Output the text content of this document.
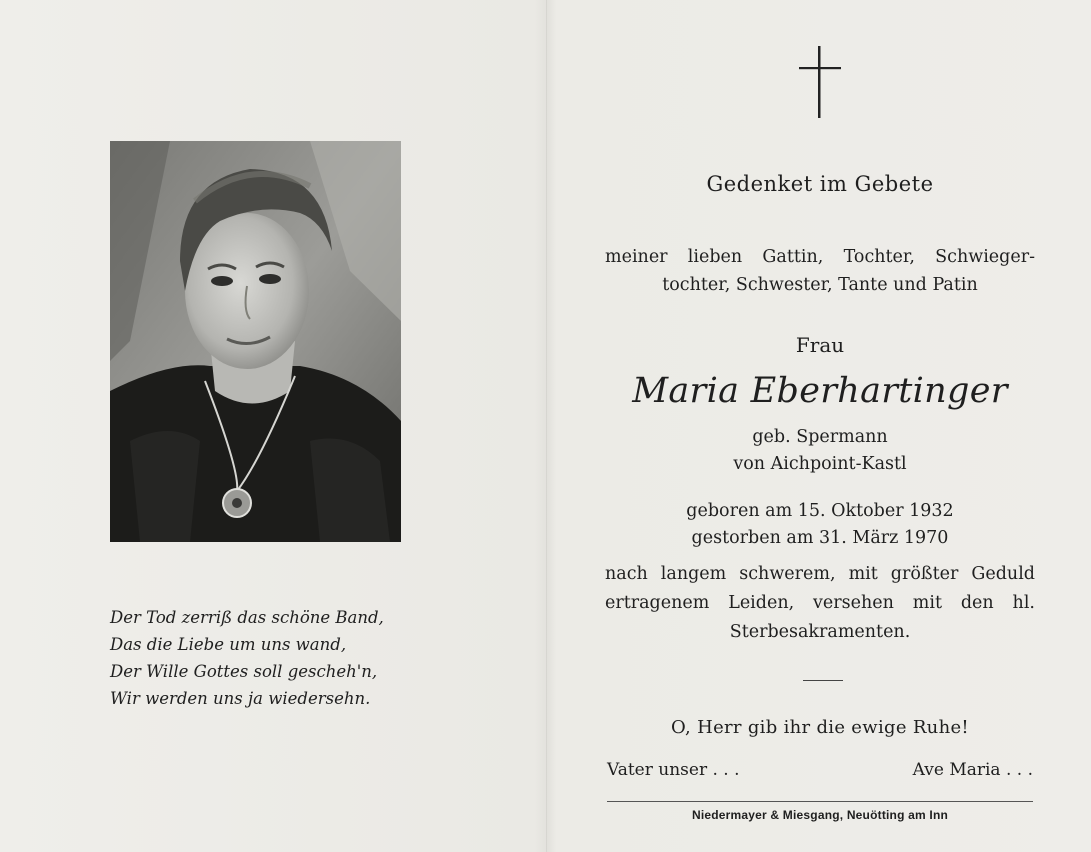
Der Tod zerriß das schöne Band,
Das die Liebe um uns wand,
Der Wille Gottes soll gescheh'n,
Wir werden uns ja wiedersehn.
Gedenket im Gebete
meiner lieben Gattin, Tochter, Schwieger-
tochter, Schwester, Tante und Patin
Frau
Maria Eberhartinger
geb. Spermann
von Aichpoint-Kastl
geboren am 15. Oktober 1932
gestorben am 31. März 1970
nach langem schwerem, mit größter Geduld
ertragenem Leiden, versehen mit den hl.
Sterbesakramenten.
O, Herr gib ihr die ewige Ruhe!
Vater unser . . .	Ave Maria . . .
Niedermayer & Miesgang, Neuötting am Inn
